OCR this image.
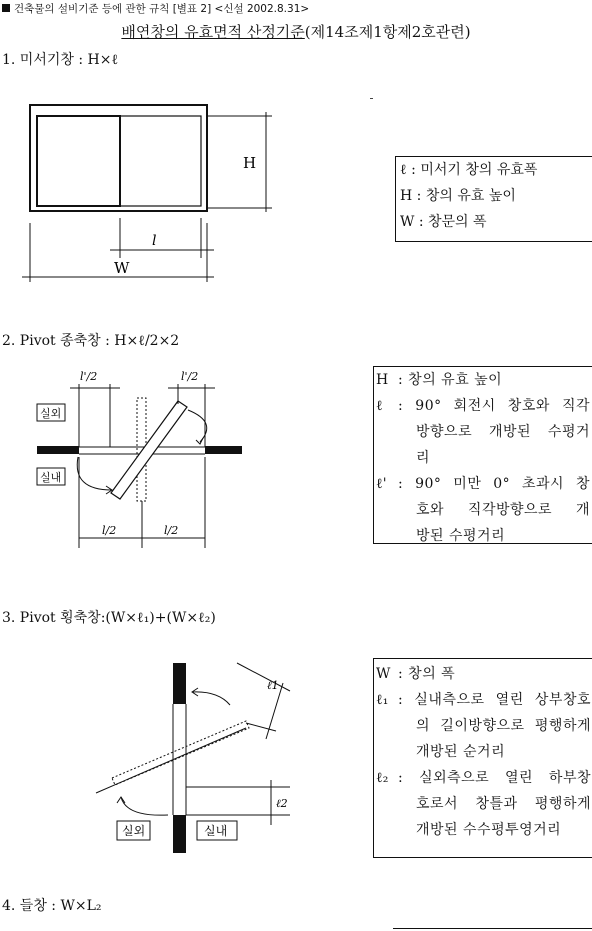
건축물의 설비기준 등에 관한 규칙 [별표 2] <신설 2002.8.31>
배연창의 유효면적 산정기준(제14조제1항제2호관련)
1. 미서기창 : H×ℓ
H
l
W
ℓ : 미서기 창의 유효폭
H : 창의 유효 높이
W : 창문의 폭
2. Pivot 종축창 : H×ℓ/2×2
l'/2	l'/2
실외
실내
l/2	l/2
H : 창의 유효 높이
ℓ	: 90° 회전시 창호와 직각
방향으로 개방된 수평거
리
ℓ' : 90° 미만 0° 초과시 창
호와 직각방향으로 개
방된 수평거리
3. Pivot 횡축창:(W×ℓ₁)+(W×ℓ₂)
ℓ1
ℓ2
실외	실내
W : 창의 폭
ℓ₁ : 실내측으로 열린 상부창호
의 길이방향으로 평행하게
개방된 순거리
ℓ₂ : 실외측으로 열린 하부창
호로서 창틀과 평행하게
개방된 수수평투영거리
4. 들창 : W×L₂
